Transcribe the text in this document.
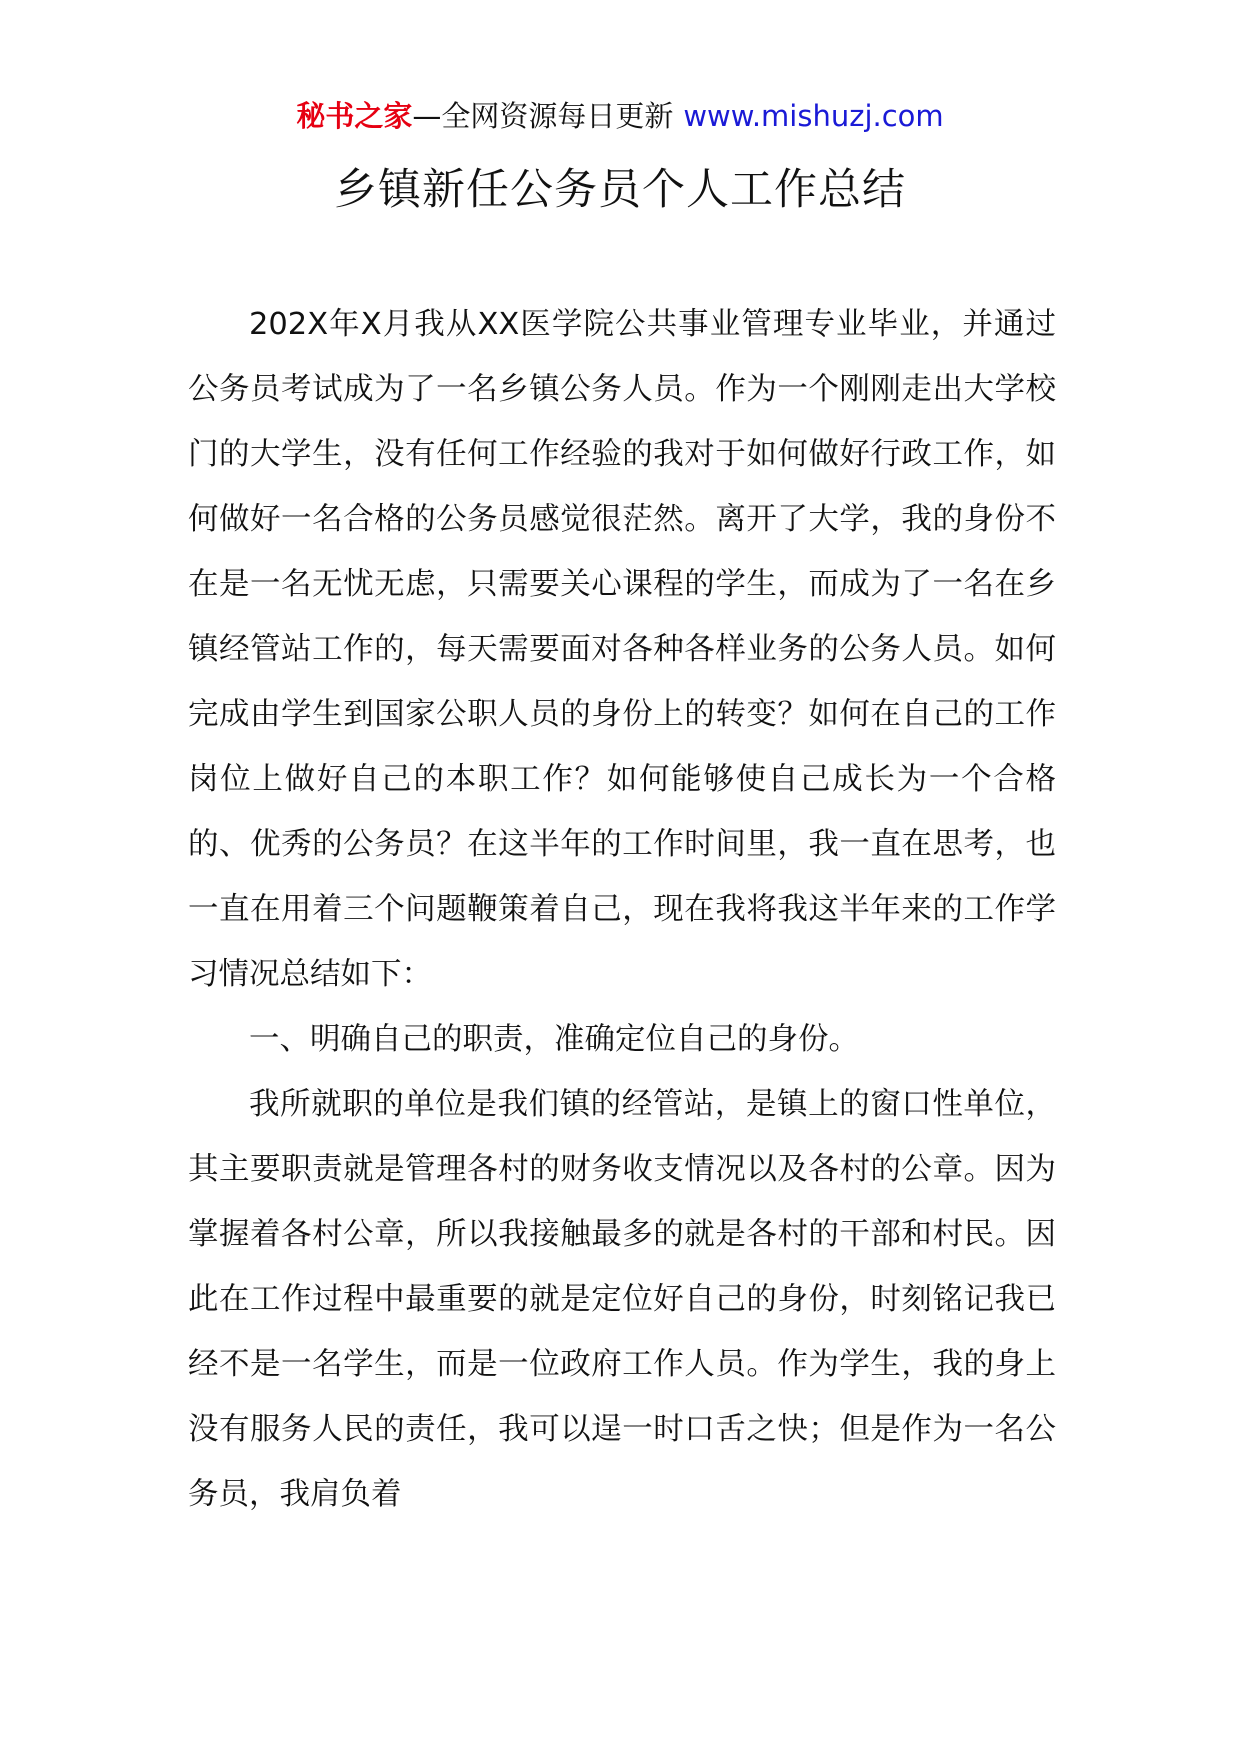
秘书之家—全网资源每日更新 www.mishuzj.com
乡镇新任公务员个人工作总结

202X年X月我从XX医学院公共事业管理专业毕业，并通过公务员考试成为了一名乡镇公务人员。作为一个刚刚走出大学校门的大学生，没有任何工作经验的我对于如何做好行政工作，如何做好一名合格的公务员感觉很茫然。离开了大学，我的身份不在是一名无忧无虑，只需要关心课程的学生，而成为了一名在乡镇经管站工作的，每天需要面对各种各样业务的公务人员。如何完成由学生到国家公职人员的身份上的转变？如何在自己的工作岗位上做好自己的本职工作？如何能够使自己成长为一个合格的、优秀的公务员？在这半年的工作时间里，我一直在思考，也一直在用着三个问题鞭策着自己，现在我将我这半年来的工作学习情况总结如下：

一、明确自己的职责，准确定位自己的身份。

我所就职的单位是我们镇的经管站，是镇上的窗口性单位，其主要职责就是管理各村的财务收支情况以及各村的公章。因为掌握着各村公章，所以我接触最多的就是各村的干部和村民。因此在工作过程中最重要的就是定位好自己的身份，时刻铭记我已经不是一名学生，而是一位政府工作人员。作为学生，我的身上没有服务人民的责任，我可以逞一时口舌之快；但是作为一名公务员，我肩负着
